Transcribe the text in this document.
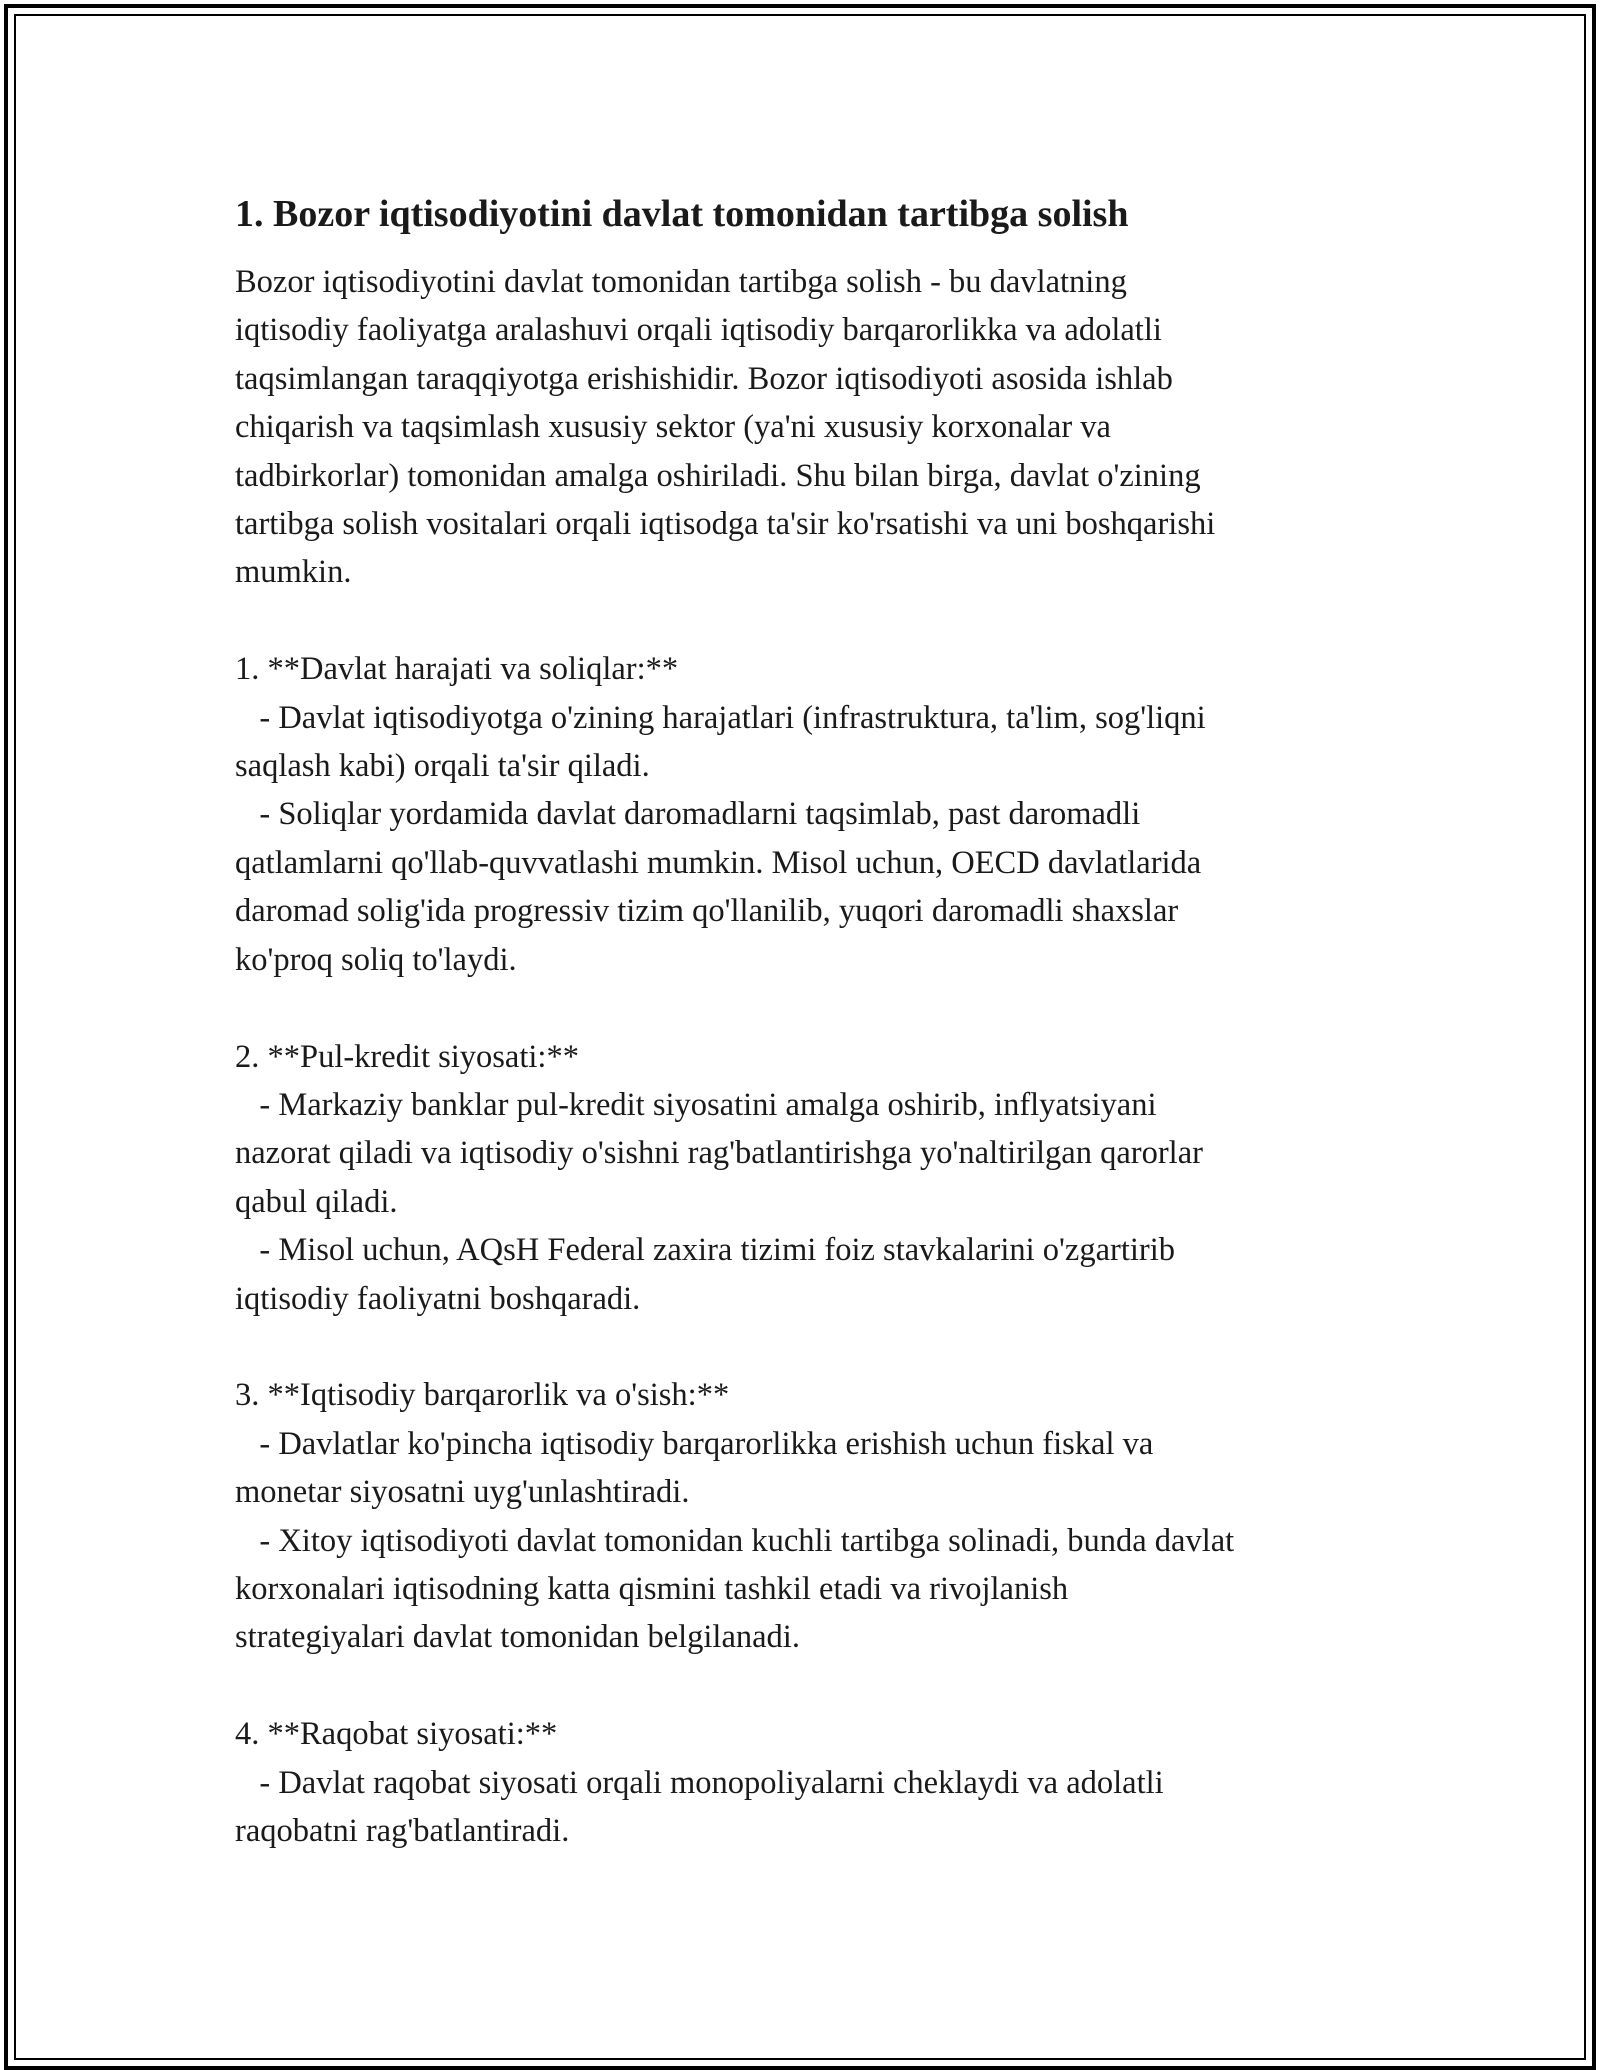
1. Bozor iqtisodiyotini davlat tomonidan tartibga solish
Bozor iqtisodiyotini davlat tomonidan tartibga solish - bu davlatning
iqtisodiy faoliyatga aralashuvi orqali iqtisodiy barqarorlikka va adolatli
taqsimlangan taraqqiyotga erishishidir. Bozor iqtisodiyoti asosida ishlab
chiqarish va taqsimlash xususiy sektor (ya'ni xususiy korxonalar va
tadbirkorlar) tomonidan amalga oshiriladi. Shu bilan birga, davlat o'zining
tartibga solish vositalari orqali iqtisodga ta'sir ko'rsatishi va uni boshqarishi
mumkin.

1. **Davlat harajati va soliqlar:**
- Davlat iqtisodiyotga o'zining harajatlari (infrastruktura, ta'lim, sog'liqni
saqlash kabi) orqali ta'sir qiladi.
- Soliqlar yordamida davlat daromadlarni taqsimlab, past daromadli
qatlamlarni qo'llab-quvvatlashi mumkin. Misol uchun, OECD davlatlarida
daromad solig'ida progressiv tizim qo'llanilib, yuqori daromadli shaxslar
ko'proq soliq to'laydi.

2. **Pul-kredit siyosati:**
- Markaziy banklar pul-kredit siyosatini amalga oshirib, inflyatsiyani
nazorat qiladi va iqtisodiy o'sishni rag'batlantirishga yo'naltirilgan qarorlar
qabul qiladi.
- Misol uchun, AQsH Federal zaxira tizimi foiz stavkalarini o'zgartirib
iqtisodiy faoliyatni boshqaradi.

3. **Iqtisodiy barqarorlik va o'sish:**
- Davlatlar ko'pincha iqtisodiy barqarorlikka erishish uchun fiskal va
monetar siyosatni uyg'unlashtiradi.
- Xitoy iqtisodiyoti davlat tomonidan kuchli tartibga solinadi, bunda davlat
korxonalari iqtisodning katta qismini tashkil etadi va rivojlanish
strategiyalari davlat tomonidan belgilanadi.

4. **Raqobat siyosati:**
- Davlat raqobat siyosati orqali monopoliyalarni cheklaydi va adolatli
raqobatni rag'batlantiradi.
